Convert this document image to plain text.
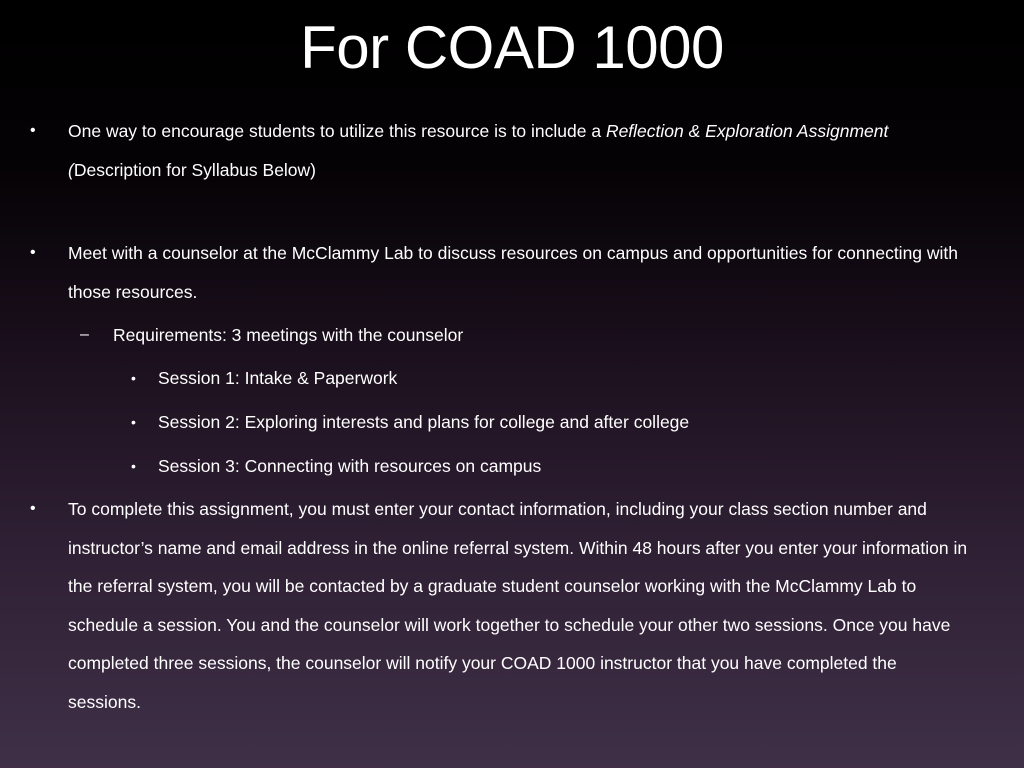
For COAD 1000
• One way to encourage students to utilize this resource is to include a Reflection & Exploration Assignment (Description for Syllabus Below)
• Meet with a counselor at the McClammy Lab to discuss resources on campus and opportunities for connecting with those resources.
– Requirements: 3 meetings with the counselor
• Session 1: Intake & Paperwork
• Session 2: Exploring interests and plans for college and after college
• Session 3: Connecting with resources on campus
• To complete this assignment, you must enter your contact information, including your class section number and instructor’s name and email address in the online referral system. Within 48 hours after you enter your information in the referral system, you will be contacted by a graduate student counselor working with the McClammy Lab to schedule a session. You and the counselor will work together to schedule your other two sessions. Once you have completed three sessions, the counselor will notify your COAD 1000 instructor that you have completed the sessions.
